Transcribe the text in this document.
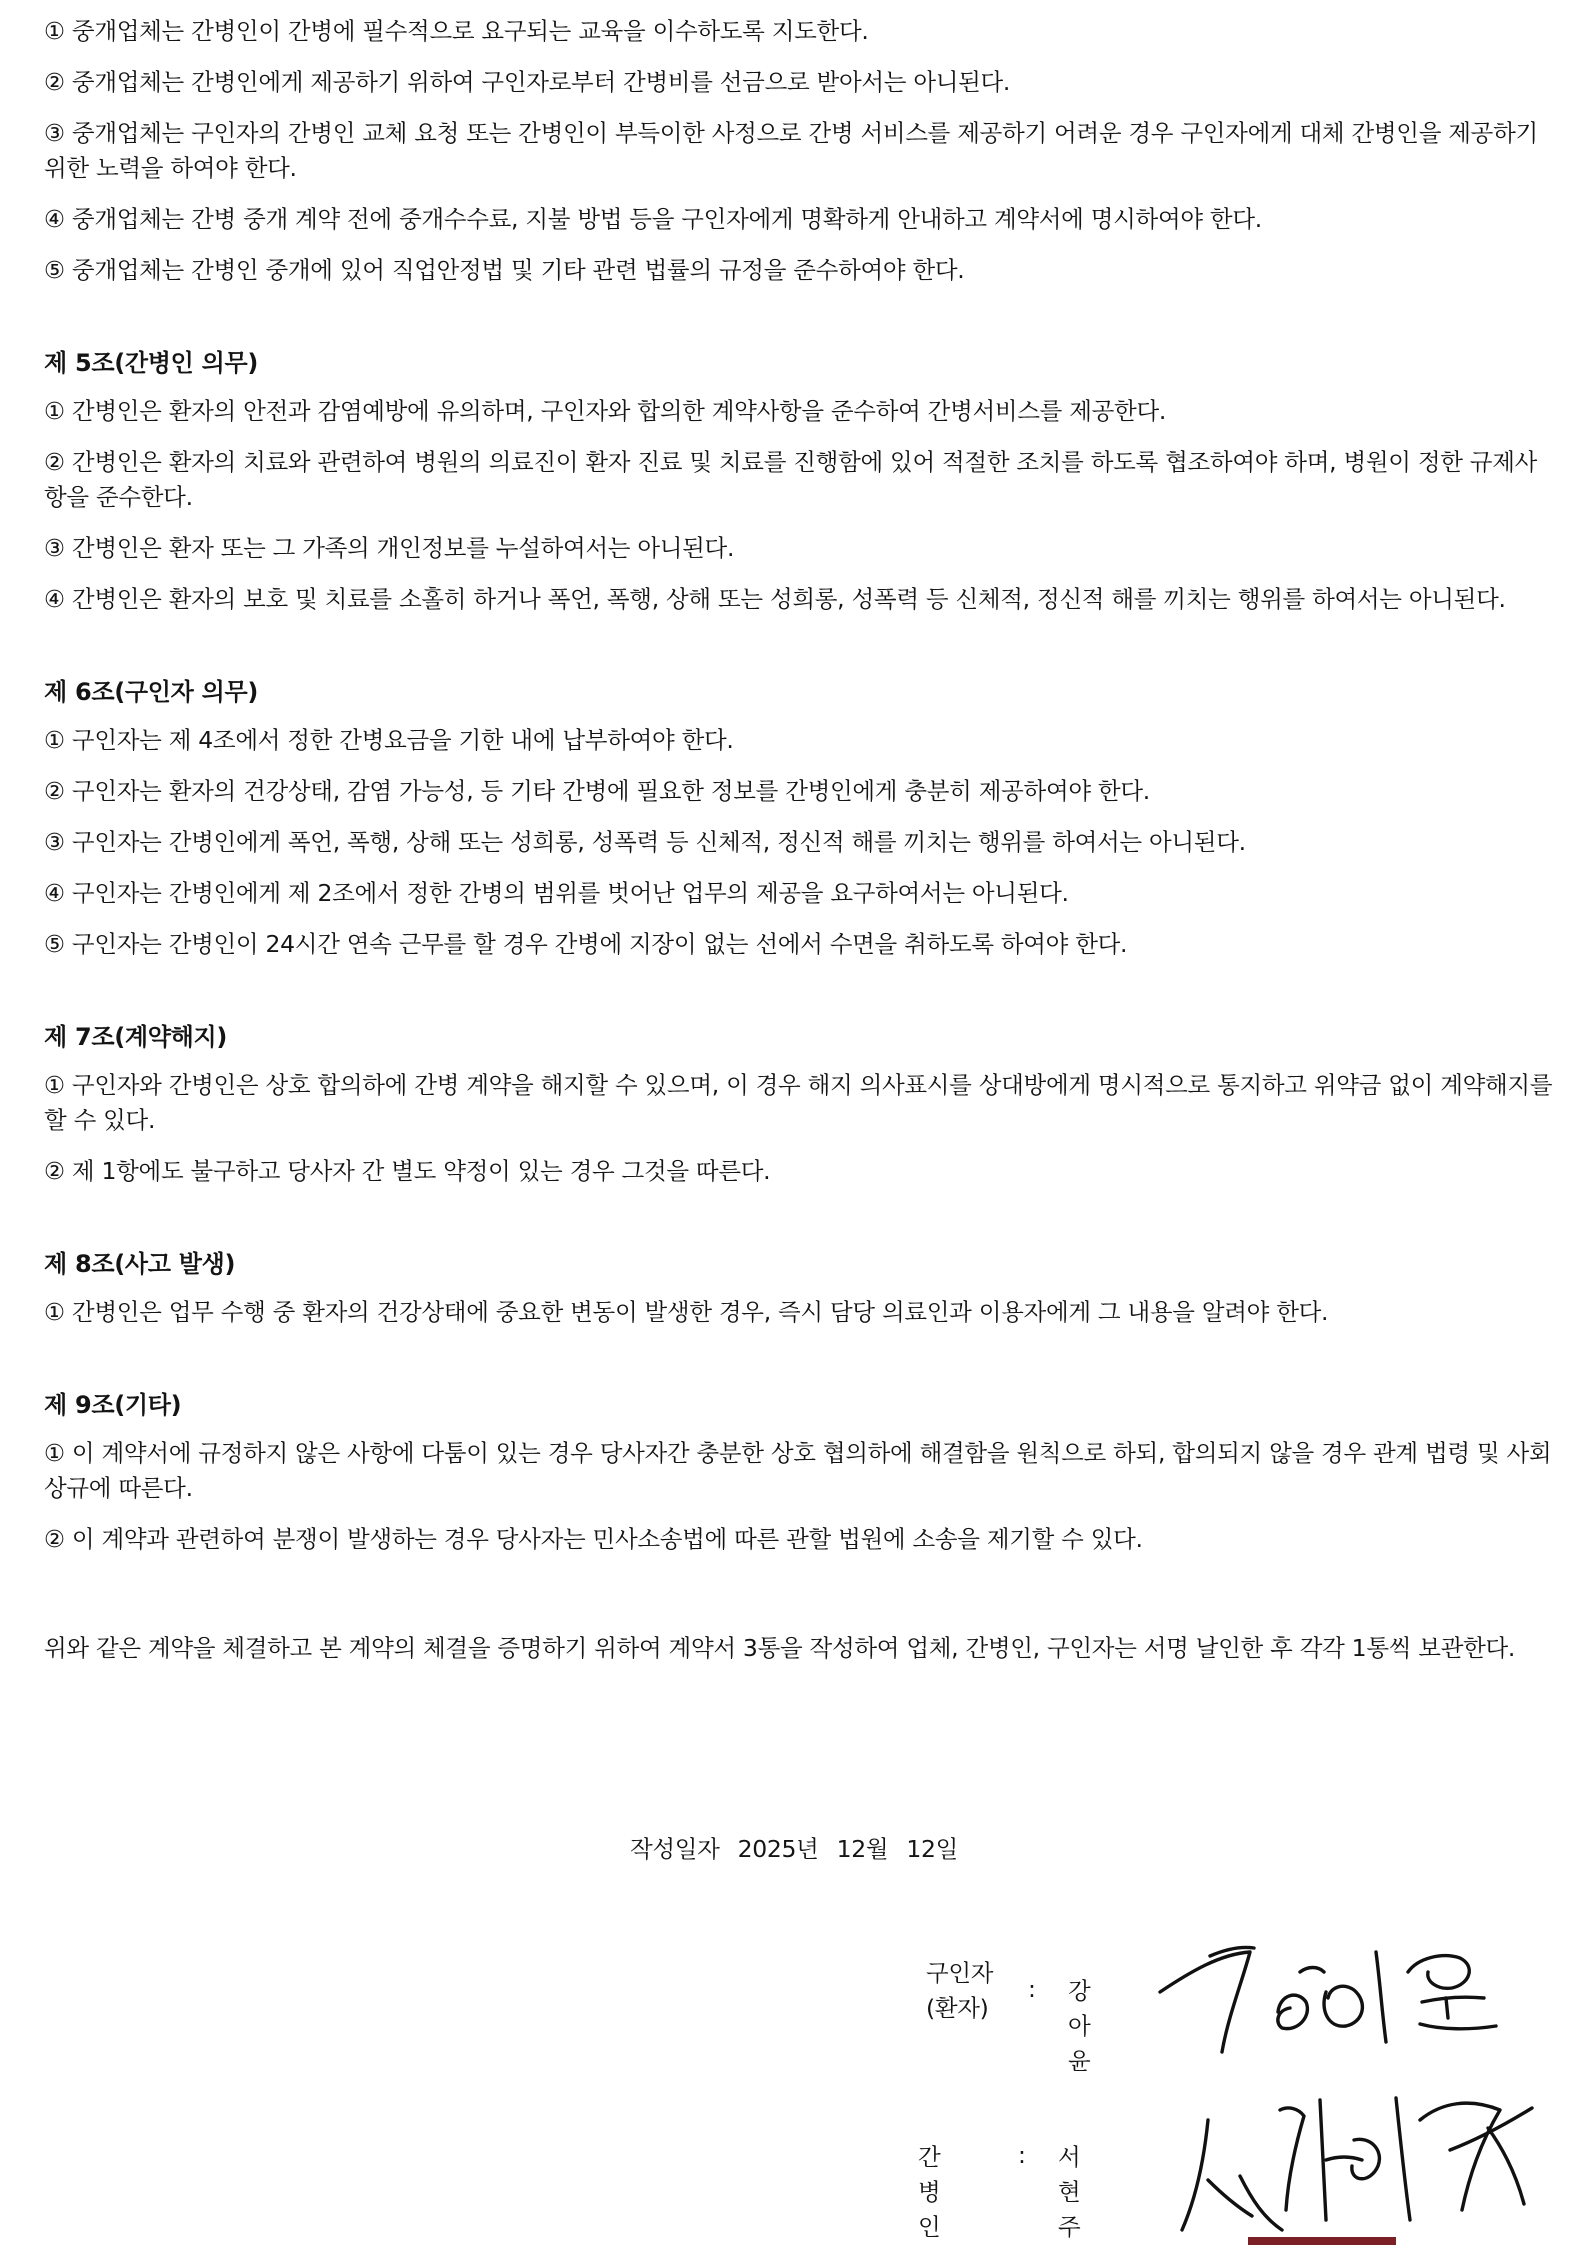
① 중개업체는 간병인이 간병에 필수적으로 요구되는 교육을 이수하도록 지도한다.

② 중개업체는 간병인에게 제공하기 위하여 구인자로부터 간병비를 선금으로 받아서는 아니된다.

③ 중개업체는 구인자의 간병인 교체 요청 또는 간병인이 부득이한 사정으로 간병 서비스를 제공하기 어려운 경우 구인자에게 대체 간병인을 제공하기 위한 노력을 하여야 한다.

④ 중개업체는 간병 중개 계약 전에 중개수수료, 지불 방법 등을 구인자에게 명확하게 안내하고 계약서에 명시하여야 한다.

⑤ 중개업체는 간병인 중개에 있어 직업안정법 및 기타 관련 법률의 규정을 준수하여야 한다.

제 5조(간병인 의무)

① 간병인은 환자의 안전과 감염예방에 유의하며, 구인자와 합의한 계약사항을 준수하여 간병서비스를 제공한다.

② 간병인은 환자의 치료와 관련하여 병원의 의료진이 환자 진료 및 치료를 진행함에 있어 적절한 조치를 하도록 협조하여야 하며, 병원이 정한 규제사항을 준수한다.

③ 간병인은 환자 또는 그 가족의 개인정보를 누설하여서는 아니된다.

④ 간병인은 환자의 보호 및 치료를 소홀히 하거나 폭언, 폭행, 상해 또는 성희롱, 성폭력 등 신체적, 정신적 해를 끼치는 행위를 하여서는 아니된다.

제 6조(구인자 의무)

① 구인자는 제 4조에서 정한 간병요금을 기한 내에 납부하여야 한다.

② 구인자는 환자의 건강상태, 감염 가능성, 등 기타 간병에 필요한 정보를 간병인에게 충분히 제공하여야 한다.

③ 구인자는 간병인에게 폭언, 폭행, 상해 또는 성희롱, 성폭력 등 신체적, 정신적 해를 끼치는 행위를 하여서는 아니된다.

④ 구인자는 간병인에게 제 2조에서 정한 간병의 범위를 벗어난 업무의 제공을 요구하여서는 아니된다.

⑤ 구인자는 간병인이 24시간 연속 근무를 할 경우 간병에 지장이 없는 선에서 수면을 취하도록 하여야 한다.

제 7조(계약해지)

① 구인자와 간병인은 상호 합의하에 간병 계약을 해지할 수 있으며, 이 경우 해지 의사표시를 상대방에게 명시적으로 통지하고 위약금 없이 계약해지를 할 수 있다.

② 제 1항에도 불구하고 당사자 간 별도 약정이 있는 경우 그것을 따른다.

제 8조(사고 발생)

① 간병인은 업무 수행 중 환자의 건강상태에 중요한 변동이 발생한 경우, 즉시 담당 의료인과 이용자에게 그 내용을 알려야 한다.

제 9조(기타)

① 이 계약서에 규정하지 않은 사항에 다툼이 있는 경우 당사자간 충분한 상호 협의하에 해결함을 원칙으로 하되, 합의되지 않을 경우 관계 법령 및 사회상규에 따른다.

② 이 계약과 관련하여 분쟁이 발생하는 경우 당사자는 민사소송법에 따른 관할 법원에 소송을 제기할 수 있다.

위와 같은 계약을 체결하고 본 계약의 체결을 증명하기 위하여 계약서 3통을 작성하여 업체, 간병인, 구인자는 서명 날인한 후 각각 1통씩 보관한다.

작성일자 2025년 12월 12일
구인자
(환자)
: 강아윤
간병인
: 서현주
